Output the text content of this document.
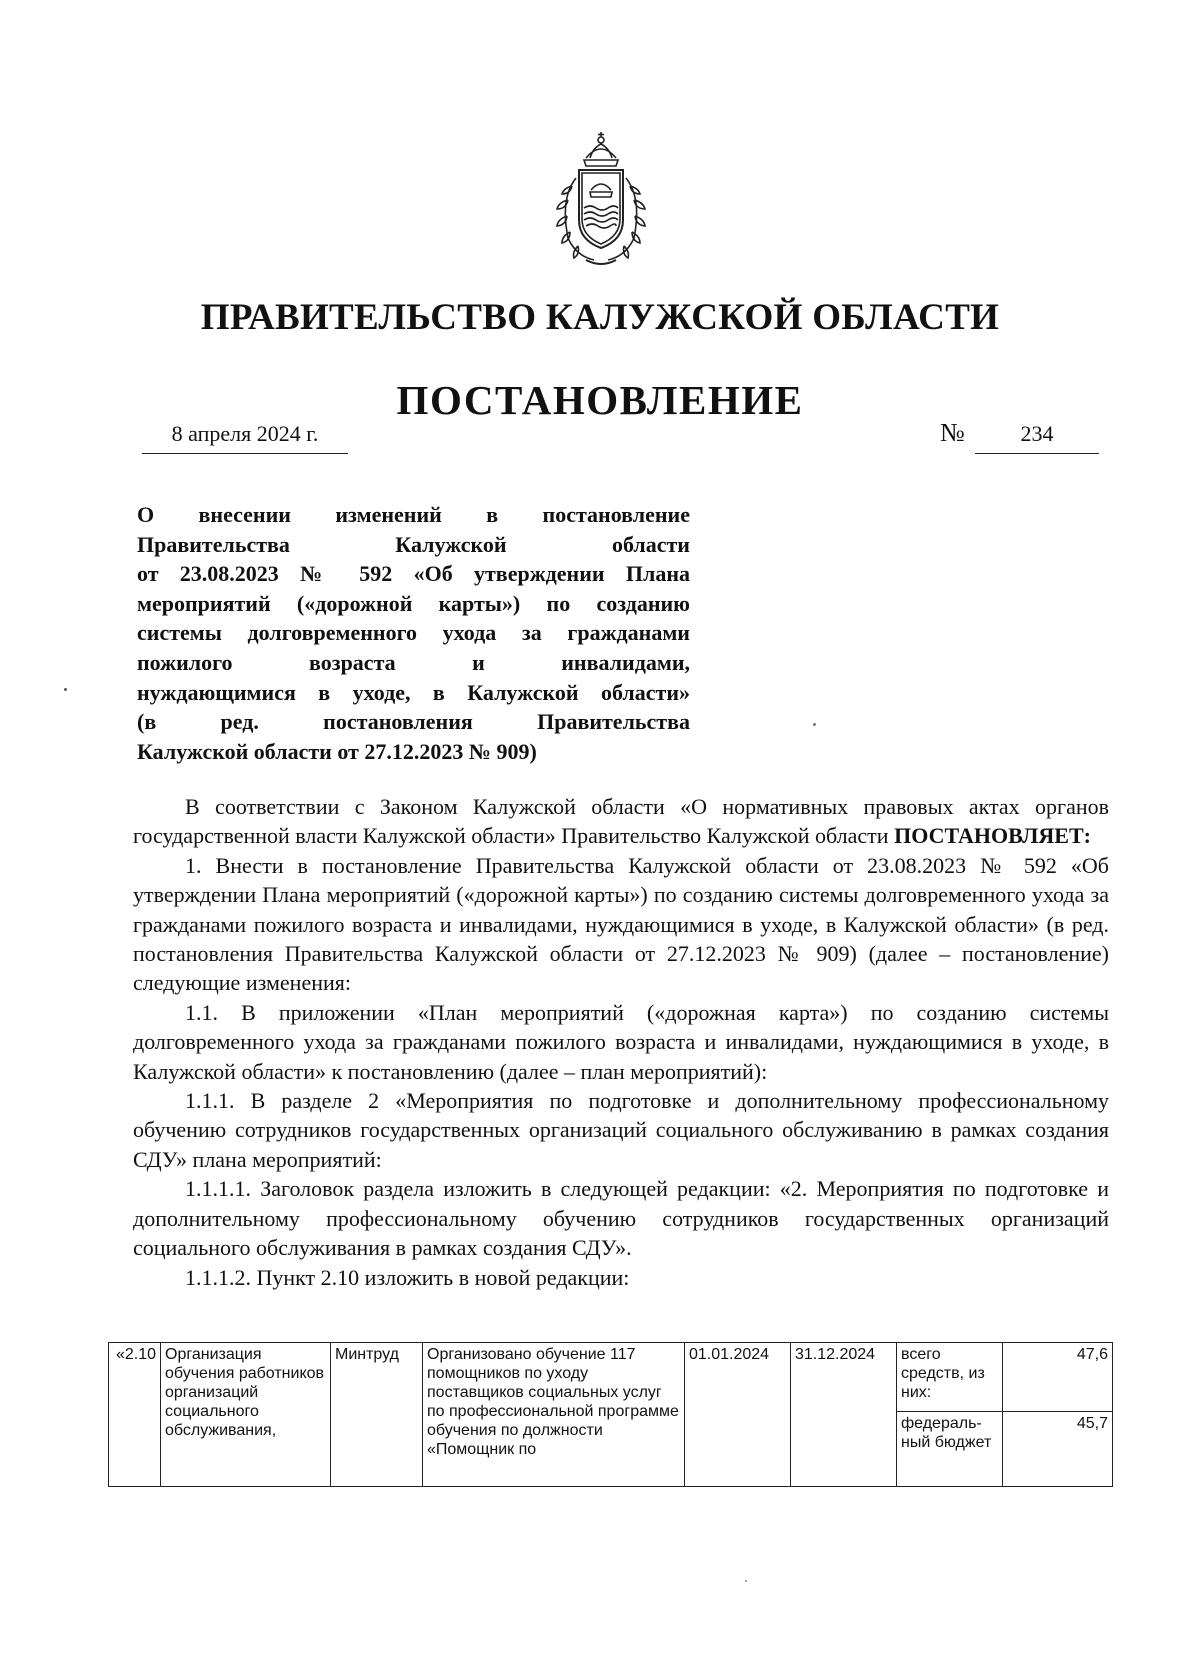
ПРАВИТЕЛЬСТВО КАЛУЖСКОЙ ОБЛАСТИ
ПОСТАНОВЛЕНИЕ
8 апреля 2024 г.	№	234
О внесении изменений в постановление
Правительства Калужской области
от 23.08.2023 № 592 «Об утверждении Плана
мероприятий («дорожной карты») по созданию
системы долговременного ухода за гражданами
пожилого возраста и инвалидами,
нуждающимися в уходе, в Калужской области»
(в ред. постановления Правительства
Калужской области от 27.12.2023 № 909)
В соответствии с Законом Калужской области «О нормативных правовых актах органов государственной власти Калужской области» Правительство Калужской области ПОСТАНОВЛЯЕТ:
1. Внести в постановление Правительства Калужской области от 23.08.2023 № 592 «Об утверждении Плана мероприятий («дорожной карты») по созданию системы долговременного ухода за гражданами пожилого возраста и инвалидами, нуждающимися в уходе, в Калужской области» (в ред. постановления Правительства Калужской области от 27.12.2023 № 909) (далее – постановление) следующие изменения:
1.1. В приложении «План мероприятий («дорожная карта») по созданию системы долговременного ухода за гражданами пожилого возраста и инвалидами, нуждающимися в уходе, в Калужской области» к постановлению (далее – план мероприятий):
1.1.1. В разделе 2 «Мероприятия по подготовке и дополнительному профессиональному обучению сотрудников государственных организаций социального обслуживанию в рамках создания СДУ» плана мероприятий:
1.1.1.1. Заголовок раздела изложить в следующей редакции: «2. Мероприятия по подготовке и дополнительному профессиональному обучению сотрудников государственных организаций социального обслуживания в рамках создания СДУ».
1.1.1.2. Пункт 2.10 изложить в новой редакции:
«2.10	Организация обучения работников организаций социального обслуживания,	Минтруд	Организовано обучение 117 помощников по уходу поставщиков социальных услуг по профессиональной программе обучения по должности «Помощник по	01.01.2024	31.12.2024	всего средств, из них:	47,6
						федераль-ный бюджет	45,7
